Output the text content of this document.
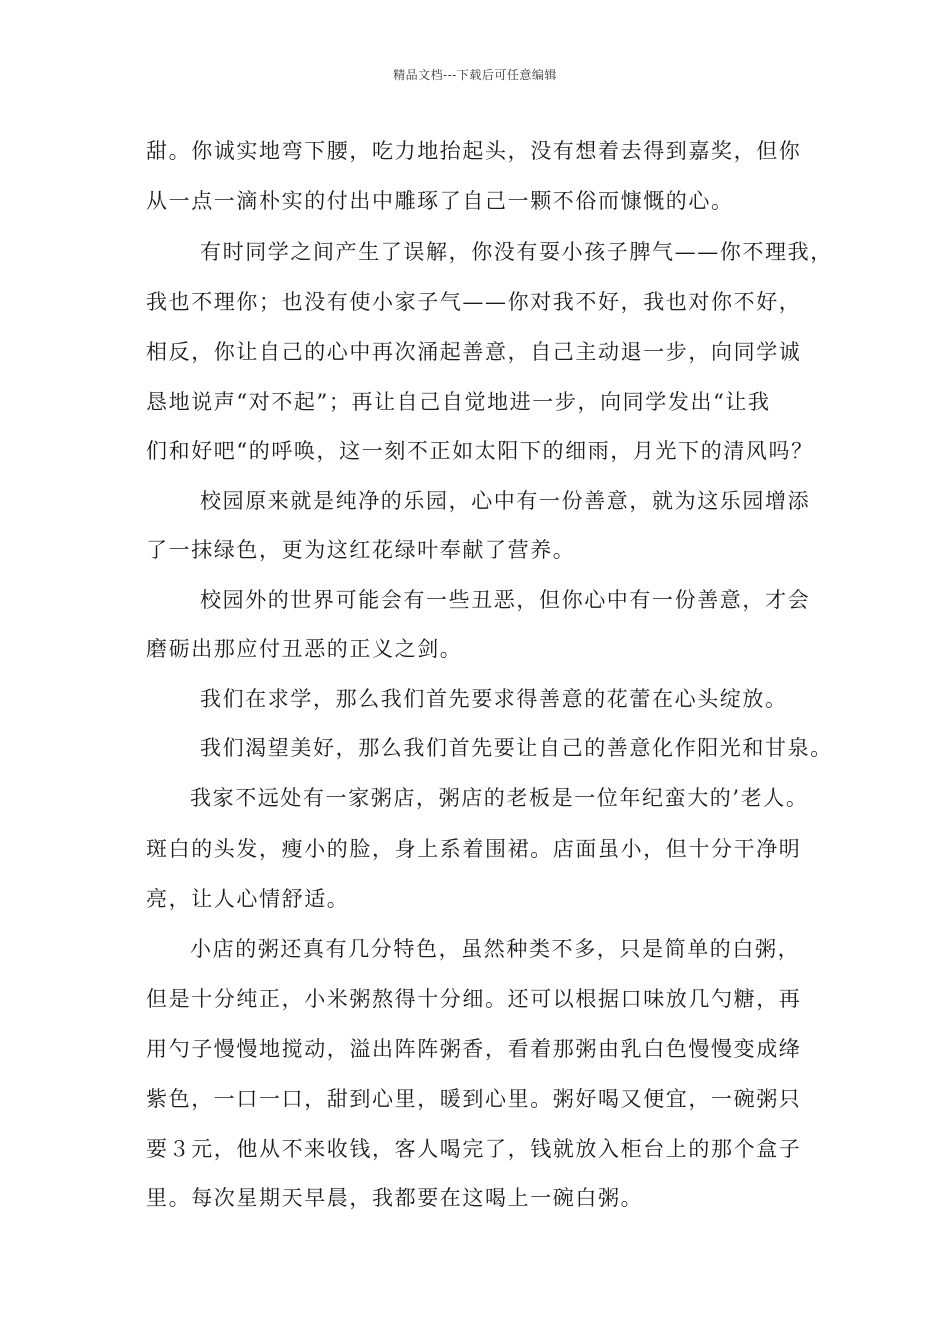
精品文档---下载后可任意编辑
甜。你诚实地弯下腰，吃力地抬起头，没有想着去得到嘉奖，但你
从一点一滴朴实的付出中雕琢了自己一颗不俗而慷慨的心。
有时同学之间产生了误解，你没有耍小孩子脾气——你不理我，
我也不理你；也没有使小家子气——你对我不好，我也对你不好，
相反，你让自己的心中再次涌起善意，自己主动退一步，向同学诚
恳地说声“对不起”；再让自己自觉地进一步，向同学发出“让我
们和好吧“的呼唤，这一刻不正如太阳下的细雨，月光下的清风吗？
校园原来就是纯净的乐园，心中有一份善意，就为这乐园增添
了一抹绿色，更为这红花绿叶奉献了营养。
校园外的世界可能会有一些丑恶，但你心中有一份善意，才会
磨砺出那应付丑恶的正义之剑。
我们在求学，那么我们首先要求得善意的花蕾在心头绽放。
我们渴望美好，那么我们首先要让自己的善意化作阳光和甘泉。
我家不远处有一家粥店，粥店的老板是一位年纪蛮大的’老人。
斑白的头发，瘦小的脸，身上系着围裙。店面虽小，但十分干净明
亮，让人心情舒适。
小店的粥还真有几分特色，虽然种类不多，只是简单的白粥，
但是十分纯正，小米粥熬得十分细。还可以根据口味放几勺糖，再
用勺子慢慢地搅动，溢出阵阵粥香，看着那粥由乳白色慢慢变成绛
紫色，一口一口，甜到心里，暖到心里。粥好喝又便宜，一碗粥只
要３元，他从不来收钱，客人喝完了，钱就放入柜台上的那个盒子
里。每次星期天早晨，我都要在这喝上一碗白粥。
